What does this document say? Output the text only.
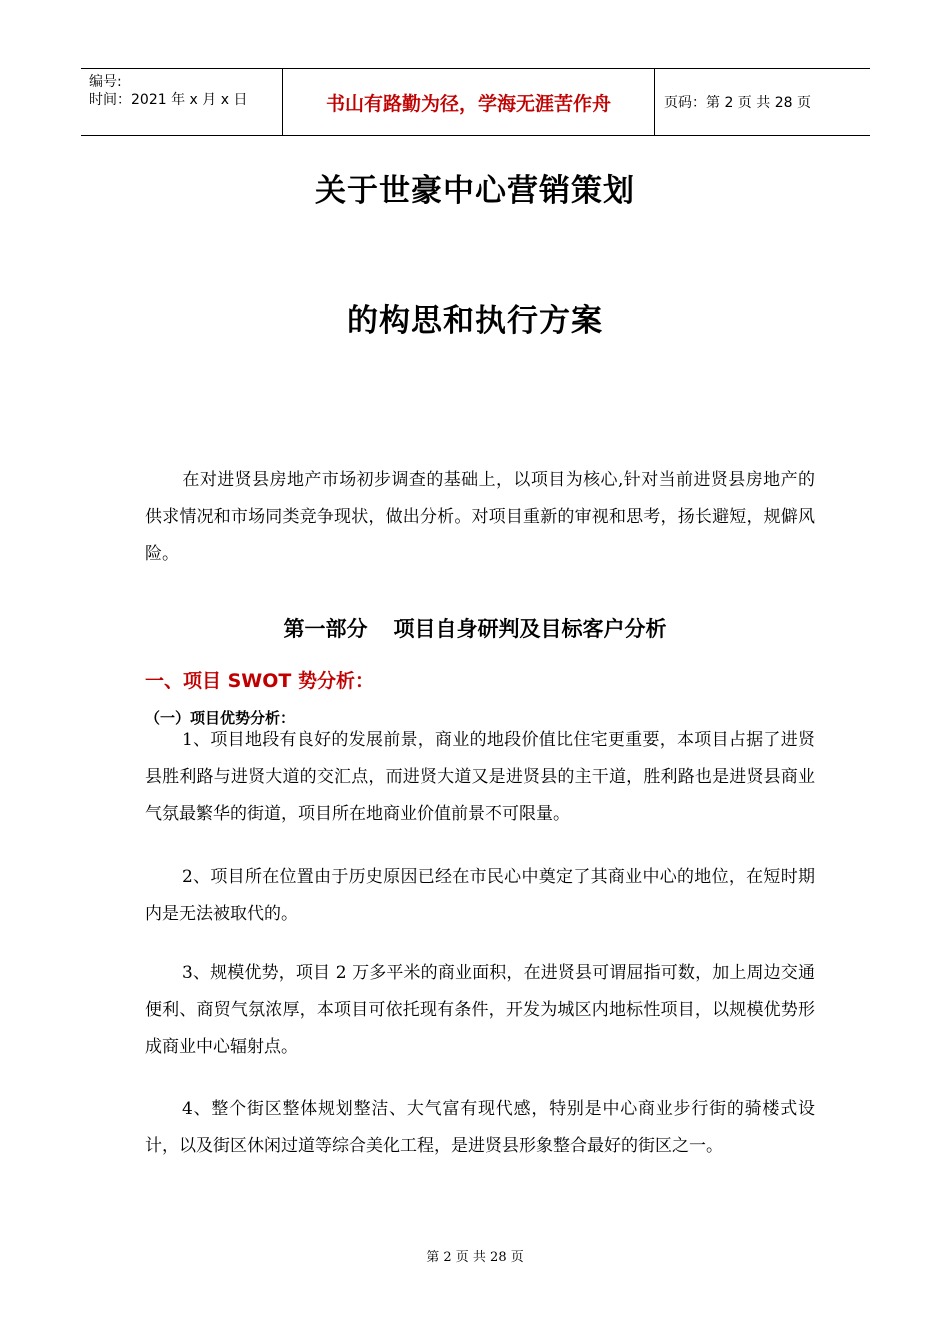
编号:
时间：2021 年 x 月 x 日	书山有路勤为径，学海无涯苦作舟	页码：第 2 页 共 28 页
关于世豪中心营销策划
的构思和执行方案

在对进贤县房地产市场初步调查的基础上，以项目为核心,针对当前进贤县房地产的供求情况和市场同类竞争现状，做出分析。对项目重新的审视和思考，扬长避短，规僻风险。

第一部分 项目自身研判及目标客户分析
一、项目 SWOT 势分析：
（一）项目优势分析：

1、项目地段有良好的发展前景，商业的地段价值比住宅更重要，本项目占据了进贤县胜利路与进贤大道的交汇点，而进贤大道又是进贤县的主干道，胜利路也是进贤县商业气氛最繁华的街道，项目所在地商业价值前景不可限量。

2、项目所在位置由于历史原因已经在市民心中奠定了其商业中心的地位，在短时期内是无法被取代的。

3、规模优势，项目 2 万多平米的商业面积，在进贤县可谓屈指可数，加上周边交通便利、商贸气氛浓厚，本项目可依托现有条件，开发为城区内地标性项目，以规模优势形成商业中心辐射点。

4、整个街区整体规划整洁、大气富有现代感，特别是中心商业步行街的骑楼式设计，以及街区休闲过道等综合美化工程，是进贤县形象整合最好的街区之一。

第 2 页 共 28 页
